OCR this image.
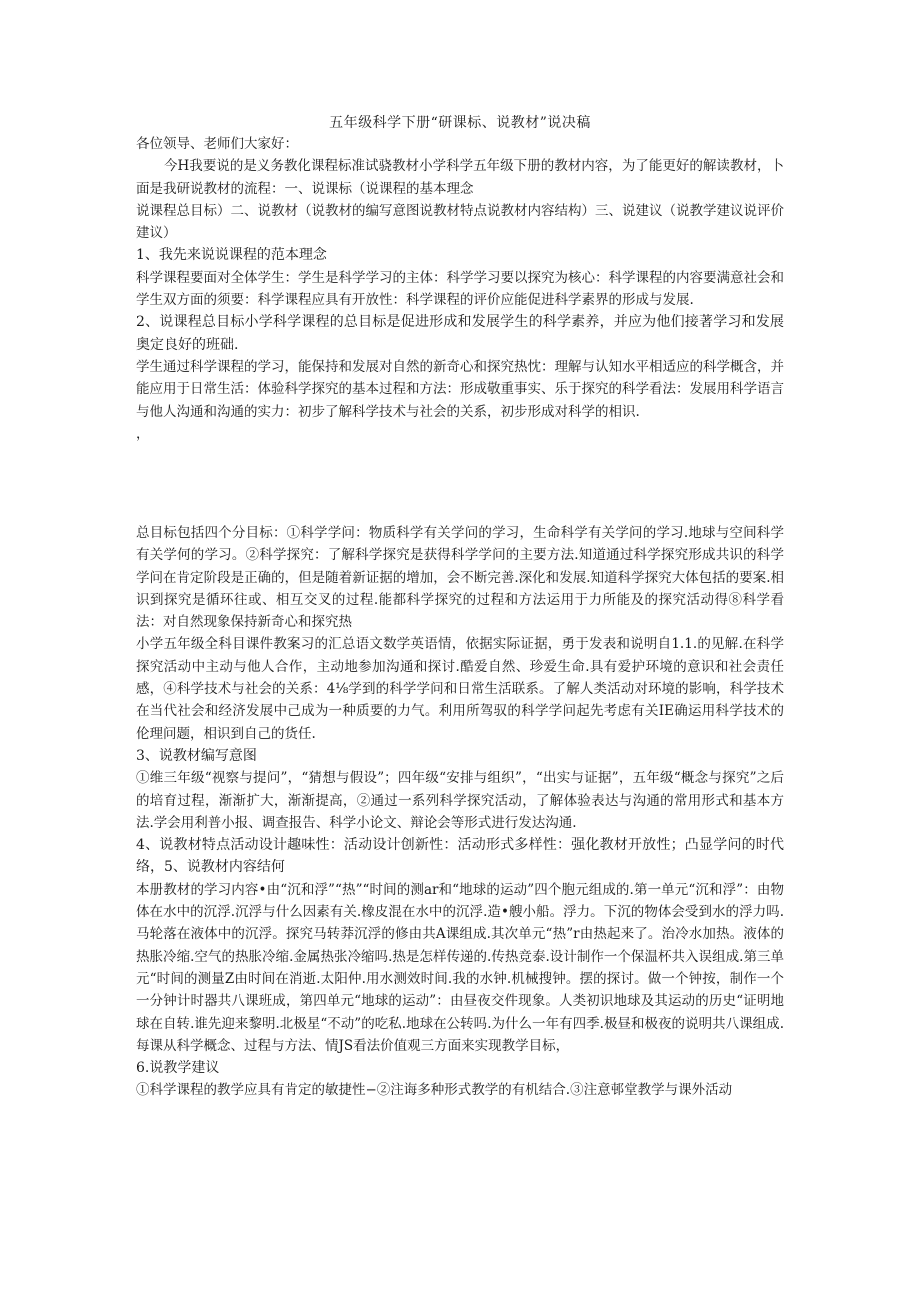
五年级科学下册“研课标、说教材”说决稿

各位领导、老师们大家好：

今H我要说的是义务教化课程标准试骁教材小学科学五年级下册的教材内容，为了能更好的解读教材，卜面是我研说教材的流程：一、说课标（说课程的基本理念

说课程总目标）二、说教材（说教材的编写意图说教材特点说教材内容结构）三、说建议（说教学建议说评价建议）

1、我先来说说课程的范本理念

科学课程要面对全体学生：学生是科学学习的主体：科学学习要以探究为核心：科学课程的内容要满意社会和学生双方面的须要：科学课程应具有开放性：科学课程的评价应能促进科学素界的形成与发展.

2、说课程总目标小学科学课程的总目标是促进形成和发展学生的科学素养，并应为他们接著学习和发展奥定良好的班础.

学生通过科学课程的学习，能保持和发展对自然的新奇心和探究热忱：理解与认知水平相适应的科学概含，并能应用于日常生活：体验科学探究的基本过程和方法：形成敬重事实、乐于探究的科学看法：发展用科学语言与他人沟通和沟通的实力：初步了解科学技术与社会的关系，初步形成对科学的相识.

，

总目标包括四个分目标：①科学学问：物质科学有关学问的学习，生命科学有关学问的学习.地球与空间科学有关学何的学习。②科学探究：了解科学探究是获得科学学问的主要方法.知道通过科学探究形成共识的科学学问在肯定阶段是正确的，但是随着新证据的增加，会不断完善.深化和发展.知道科学探究大体包括的要案.相识到探究是循环往或、相互交叉的过程.能都科学探究的过程和方法运用于力所能及的探究活动得⑧科学看法：对自然现象保持新奇心和探究热

小学五年级全科目课件教案习的汇总语文数学英语情，依据实际证据，勇于发表和说明自1.1.的见解.在科学探究活动中主动与他人合作，主动地参加沟通和探讨.酷爱自然、珍爱生命.具有爱护环境的意识和社会责任感，④科学技术与社会的关系：4⅛学到的科学学问和日常生活联系。了解人类活动对环境的影响，科学技术在当代社会和经济发展中己成为一种质要的力气。利用所驾驭的科学学问起先考虑有关IE确运用科学技术的伦理问题，相识到自己的货任.

3、说教材编写意图

①维三年级“视察与提问”，“猜想与假设”；四年级“安排与组织”，“出实与证据”，五年级“概念与探究”之后的培育过程，渐渐扩大，渐渐提高，②通过一系列科学探究活动，了解体验表达与沟通的常用形式和基本方法.学会用利普小报、调查报告、科学小论文、辩论会等形式进行发达沟通.

4、说教材特点活动设计趣味性：活动设计创新性：活动形式多样性：强化教材开放性；凸显学问的时代络，5、说教材内容结何

本册教材的学习内容•由“沉和浮”“热”“时间的测ar和“地球的运动”四个胞元组成的.第一单元“沉和浮”：由物体在水中的沉浮.沉浮与什么因素有关.橡皮混在水中的沉浮.造•艘小船。浮力。下沉的物体会受到水的浮力吗.马轮落在液体中的沉浮。探究马转莽沉浮的修由共A课组成.其次单元“热”r由热起来了。治冷水加热。液体的热胀冷缩.空气的热胀冷缩.金属热张冷缩吗.热是怎样传递的.传热竞泰.设计制作一个保温杯共入误组成.第三单元“时间的测量Z由时间在消逝.太阳仲.用水测效时间.我的水钟.机械搜钟。摆的探讨。做一个钟按，制作一个一分钟计时器共八课班成，第四单元“地球的运动”：由昼夜交件现象。人类初识地球及其运动的历史“证明地球在自转.谁先迎来黎明.北极星“不动”的吃私.地球在公转吗.为什么一年有四季.极昼和极夜的说明共八课组成.每课从科学概念、过程与方法、情JS看法价值观三方面来实现教学目标，

6.说教学建议

①科学课程的教学应具有肯定的敏捷性−②注诲多种形式教学的有机结合.③注意邨堂教学与课外活动
